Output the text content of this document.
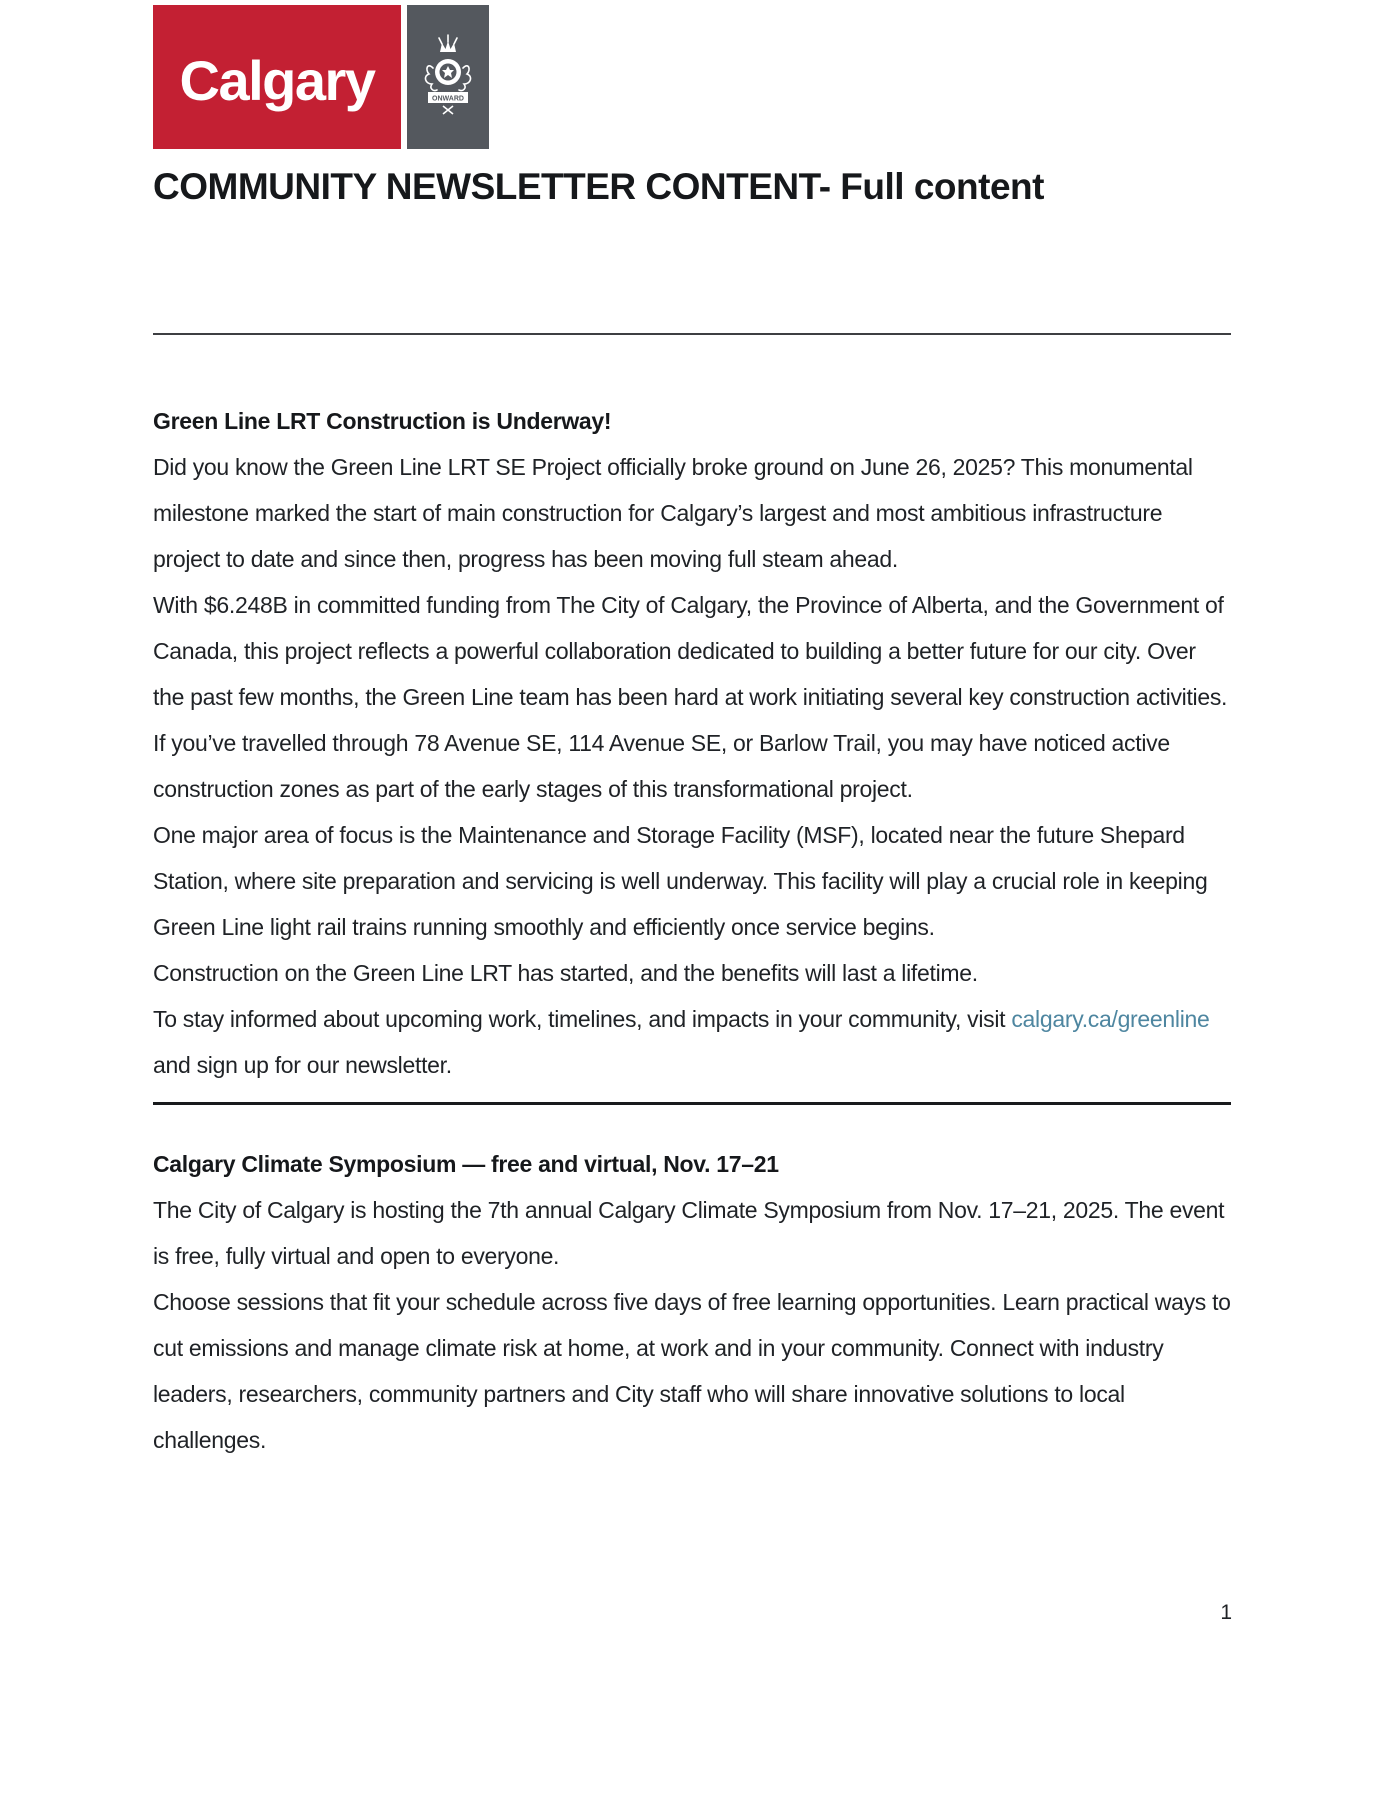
Calgary	ONWARD
COMMUNITY NEWSLETTER CONTENT- Full content
Green Line LRT Construction is Underway!

Did you know the Green Line LRT SE Project officially broke ground on June 26, 2025? This monumental milestone marked the start of main construction for Calgary’s largest and most ambitious infrastructure project to date and since then, progress has been moving full steam ahead.

With $6.248B in committed funding from The City of Calgary, the Province of Alberta, and the Government of Canada, this project reflects a powerful collaboration dedicated to building a better future for our city. Over the past few months, the Green Line team has been hard at work initiating several key construction activities. If you’ve travelled through 78 Avenue SE, 114 Avenue SE, or Barlow Trail, you may have noticed active construction zones as part of the early stages of this transformational project.

One major area of focus is the Maintenance and Storage Facility (MSF), located near the future Shepard Station, where site preparation and servicing is well underway. This facility will play a crucial role in keeping Green Line light rail trains running smoothly and efficiently once service begins.

Construction on the Green Line LRT has started, and the benefits will last a lifetime.

To stay informed about upcoming work, timelines, and impacts in your community, visit calgary.ca/greenline and sign up for our newsletter.

Calgary Climate Symposium — free and virtual, Nov. 17–21

The City of Calgary is hosting the 7th annual Calgary Climate Symposium from Nov. 17–21, 2025. The event is free, fully virtual and open to everyone.

Choose sessions that fit your schedule across five days of free learning opportunities. Learn practical ways to cut emissions and manage climate risk at home, at work and in your community. Connect with industry leaders, researchers, community partners and City staff who will share innovative solutions to local challenges.

1
